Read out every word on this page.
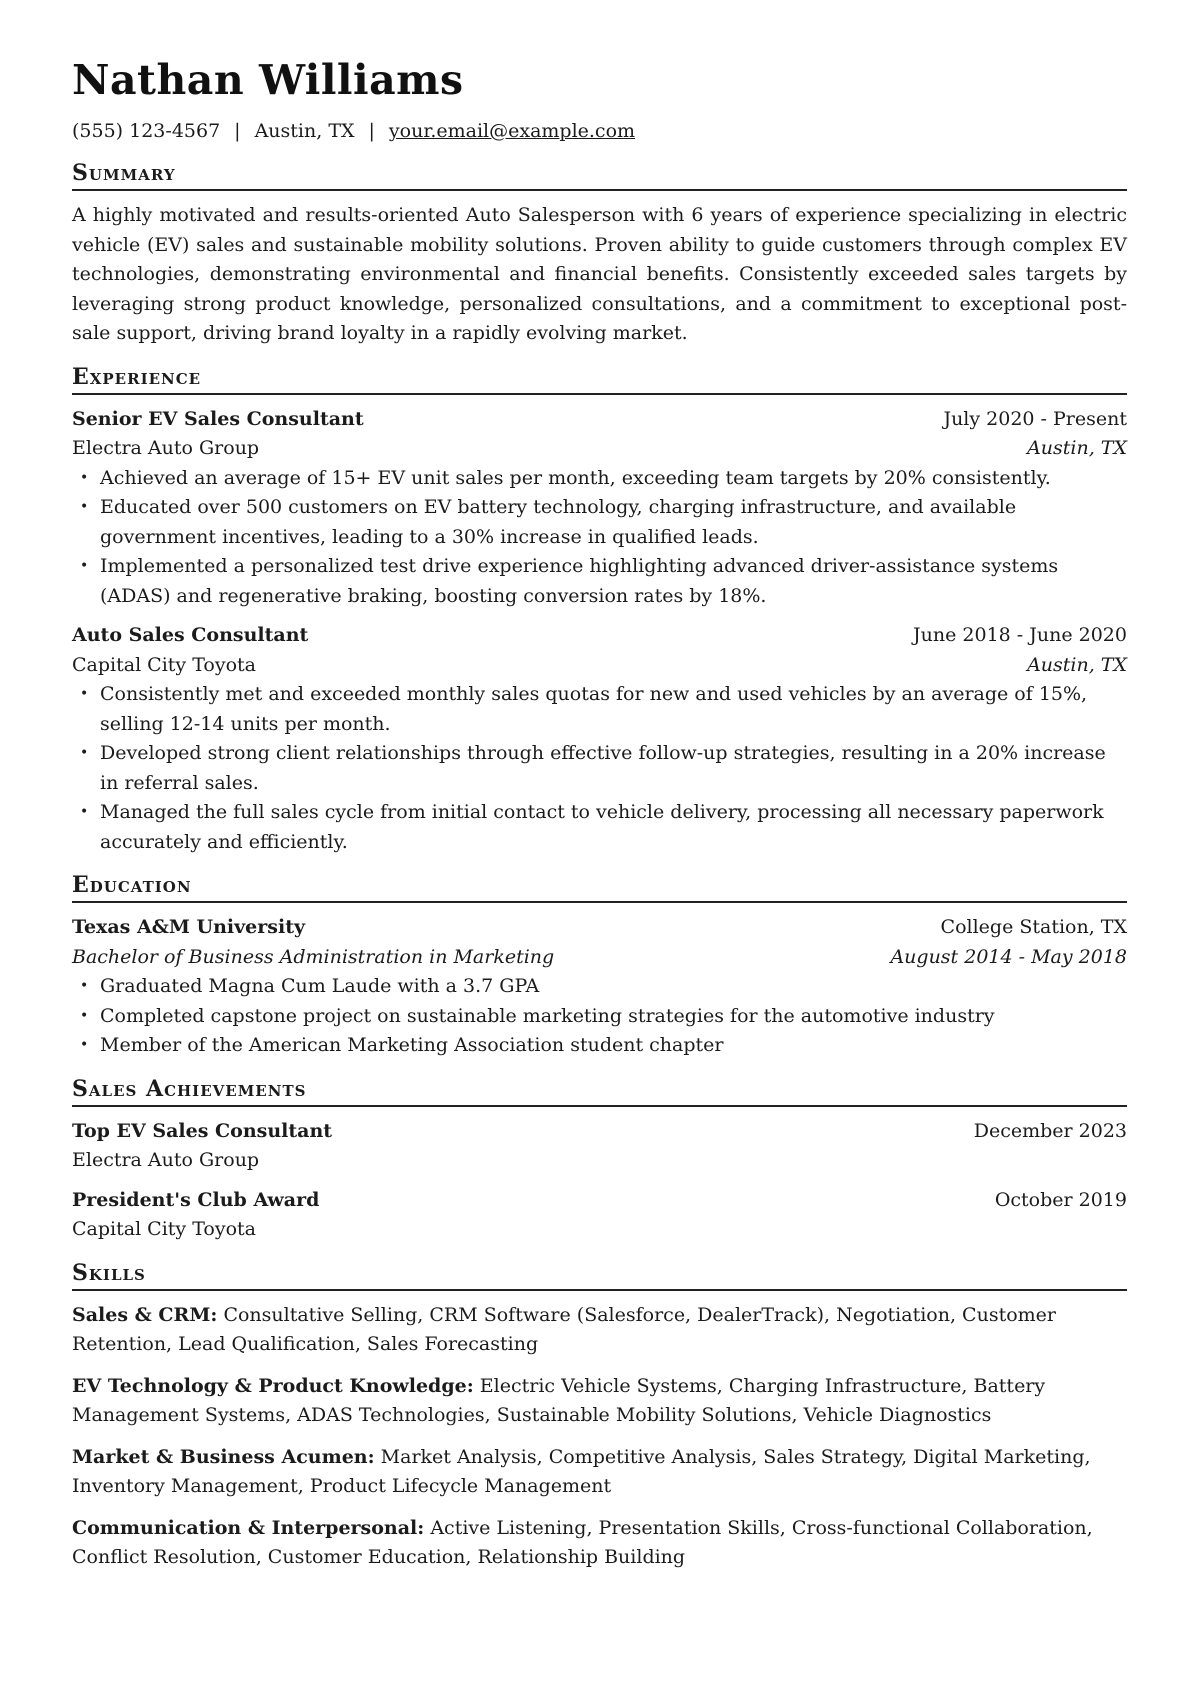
Nathan Williams
(555) 123-4567 | Austin, TX | your.email@example.com
Summary

A highly motivated and results-oriented Auto Salesperson with 6 years of experience specializing in electric vehicle (EV) sales and sustainable mobility solutions. Proven ability to guide customers through complex EV technologies, demonstrating environmental and financial benefits. Consistently exceeded sales targets by leveraging strong product knowledge, personalized consultations, and a commitment to exceptional post-sale support, driving brand loyalty in a rapidly evolving market.

Experience
Senior EV Sales Consultant	July 2020 - Present
Electra Auto Group	Austin, TX
• Achieved an average of 15+ EV unit sales per month, exceeding team targets by 20% consistently.
• Educated over 500 customers on EV battery technology, charging infrastructure, and available government incentives, leading to a 30% increase in qualified leads.
• Implemented a personalized test drive experience highlighting advanced driver-assistance systems (ADAS) and regenerative braking, boosting conversion rates by 18%.
Auto Sales Consultant	June 2018 - June 2020
Capital City Toyota	Austin, TX
• Consistently met and exceeded monthly sales quotas for new and used vehicles by an average of 15%, selling 12-14 units per month.
• Developed strong client relationships through effective follow-up strategies, resulting in a 20% increase in referral sales.
• Managed the full sales cycle from initial contact to vehicle delivery, processing all necessary paperwork accurately and efficiently.
Education
Texas A&M University	College Station, TX
Bachelor of Business Administration in Marketing	August 2014 - May 2018
• Graduated Magna Cum Laude with a 3.7 GPA
• Completed capstone project on sustainable marketing strategies for the automotive industry
• Member of the American Marketing Association student chapter
Sales Achievements
Top EV Sales Consultant	December 2023
Electra Auto Group
President's Club Award	October 2019
Capital City Toyota
Skills

Sales & CRM: Consultative Selling, CRM Software (Salesforce, DealerTrack), Negotiation, Customer Retention, Lead Qualification, Sales Forecasting

EV Technology & Product Knowledge: Electric Vehicle Systems, Charging Infrastructure, Battery Management Systems, ADAS Technologies, Sustainable Mobility Solutions, Vehicle Diagnostics

Market & Business Acumen: Market Analysis, Competitive Analysis, Sales Strategy, Digital Marketing, Inventory Management, Product Lifecycle Management

Communication & Interpersonal: Active Listening, Presentation Skills, Cross-functional Collaboration, Conflict Resolution, Customer Education, Relationship Building
